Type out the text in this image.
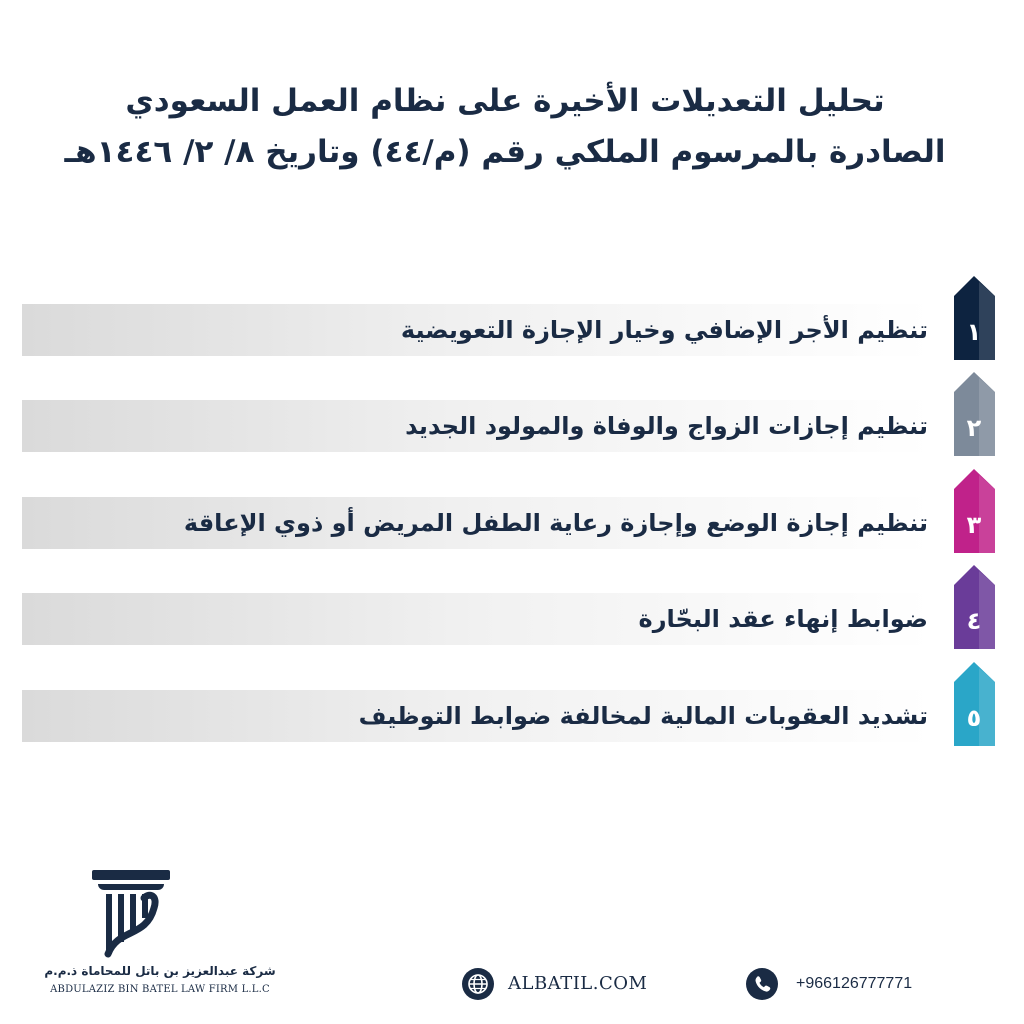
تحليل التعديلات الأخيرة على نظام العمل السعودي
الصادرة بالمرسوم الملكي رقم (م/٤٤) وتاريخ ٨/ ٢/ ١٤٤٦هـ
تنظيم الأجر الإضافي وخيار الإجازة التعويضية	١
تنظيم إجازات الزواج والوفاة والمولود الجديد	٢
تنظيم إجازة الوضع وإجازة رعاية الطفل المريض أو ذوي الإعاقة	٣
ضوابط إنهاء عقد البحّارة	٤
تشديد العقوبات المالية لمخالفة ضوابط التوظيف	٥
شركة عبدالعزيز بن باتل للمحاماة ذ.م.م
ABDULAZIZ BIN BATEL LAW FIRM L.L.C	ALBATIL.COM	+966126777771
